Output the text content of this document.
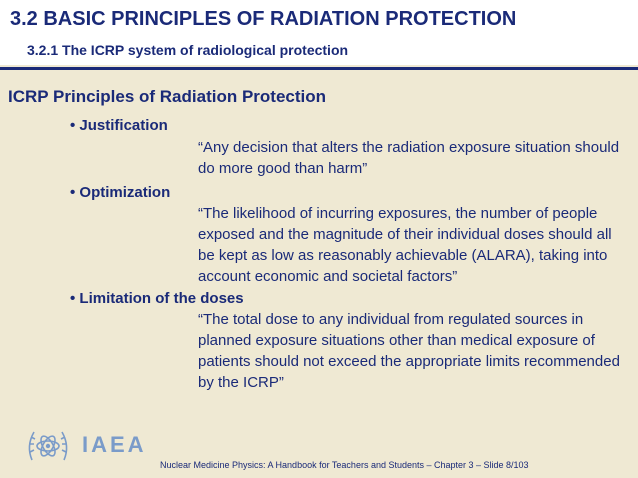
3.2 BASIC PRINCIPLES OF RADIATION PROTECTION
3.2.1 The ICRP system of radiological protection
ICRP Principles of Radiation Protection
• Justification
“Any decision that alters the radiation exposure situation should do more good than harm”
• Optimization
“The likelihood of incurring exposures, the number of people exposed and the magnitude of their individual doses should all be kept as low as reasonably achievable (ALARA), taking into account economic and societal factors”
• Limitation of the doses
“The total dose to any individual from regulated sources in planned exposure situations other than medical exposure of patients should not exceed the appropriate limits recommended by the ICRP”
IAEA
Nuclear Medicine Physics: A Handbook for Teachers and Students – Chapter 3 – Slide 8/103
